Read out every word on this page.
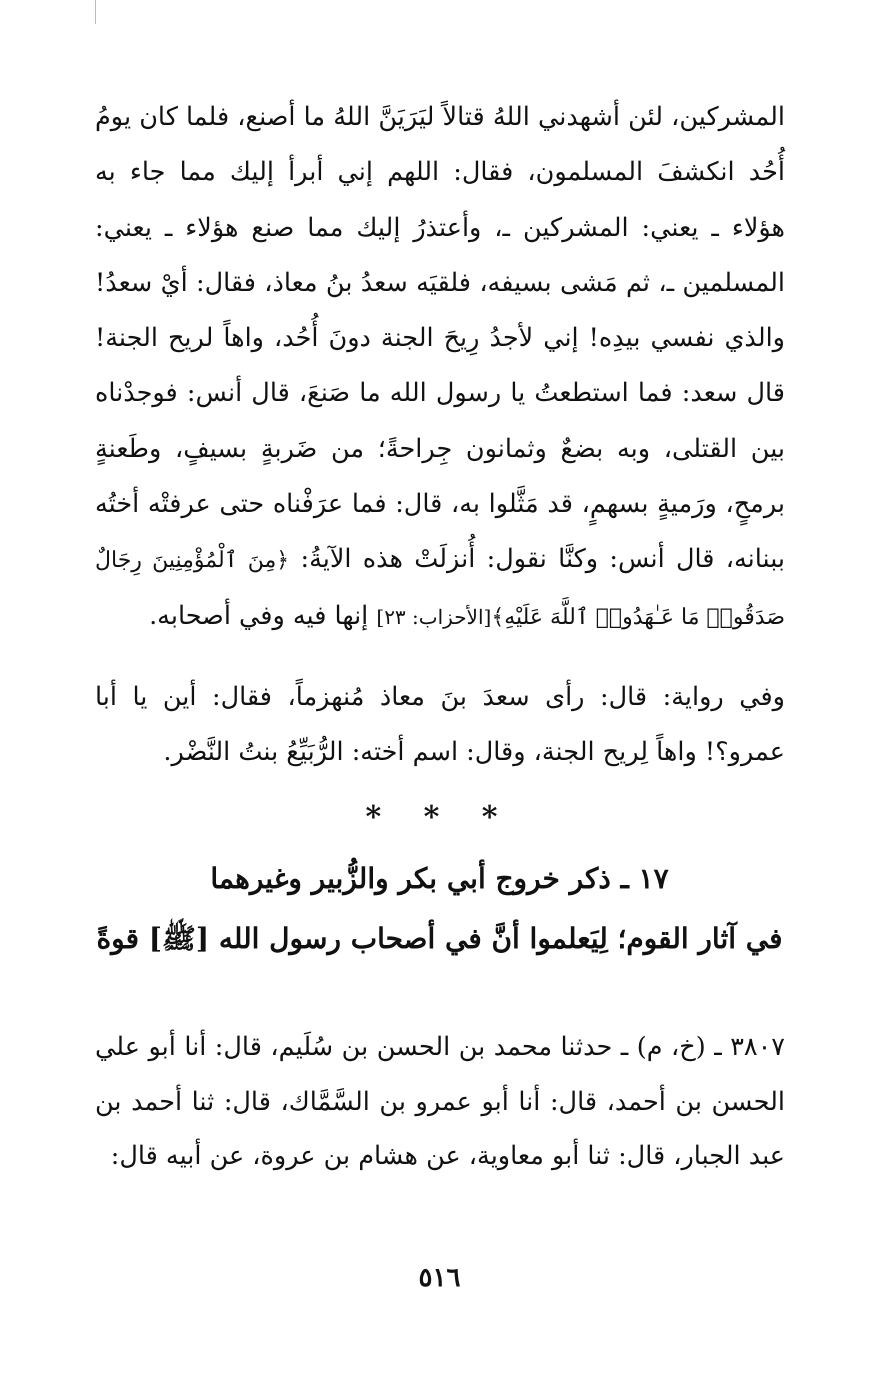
المشركين، لئن أشهدني اللهُ قتالاً ليَرَيَنَّ اللهُ ما أصنع، فلما كان يومُ أُحُد انكشفَ المسلمون، فقال: اللهم إني أبرأ إليك مما جاء به هؤلاء ـ يعني: المشركين ـ، وأعتذرُ إليك مما صنع هؤلاء ـ يعني: المسلمين ـ، ثم مَشى بسيفه، فلقيَه سعدُ بنُ معاذ، فقال: أيْ سعدُ! والذي نفسي بيدِه! إني لأجدُ رِيحَ الجنة دونَ أُحُد، واهاً لريح الجنة! قال سعد: فما استطعتُ يا رسول الله ما صَنعَ، قال أنس: فوجدْناه بين القتلى، وبه بضعٌ وثمانون جِراحةً؛ من ضَربةٍ بسيفٍ، وطَعنةٍ برمحٍ، ورَميةٍ بسهمٍ، قد مَثَّلوا به، قال: فما عرَفْناه حتى عرفتْه أختُه ببنانه، قال أنس: وكنَّا نقول: أُنزلَتْ هذه الآيةُ: ﴿مِنَ ٱلْمُؤْمِنِينَ رِجَالٌ صَدَقُوا۟ مَا عَـٰهَدُوا۟ ٱللَّهَ عَلَيْهِ﴾[الأحزاب: ٢٣] إنها فيه وفي أصحابه.
وفي رواية: قال: رأى سعدَ بنَ معاذ مُنهزماً، فقال: أين يا أبا عمرو؟! واهاً لِريح الجنة، وقال: اسم أخته: الرُّبَيِّعُ بنتُ النَّضْر.
* * *
١٧ ـ ذكر خروج أبي بكر والزُّبير وغيرهما
في آثار القوم؛ لِيَعلموا أنَّ في أصحاب رسول الله [ﷺ] قوةً
٣٨٠٧ ـ (خ، م) ـ حدثنا محمد بن الحسن بن سُلَيم، قال: أنا أبو علي الحسن بن أحمد، قال: أنا أبو عمرو بن السَّمَّاك، قال: ثنا أحمد بن عبد الجبار، قال: ثنا أبو معاوية، عن هشام بن عروة، عن أبيه قال:
٥١٦
